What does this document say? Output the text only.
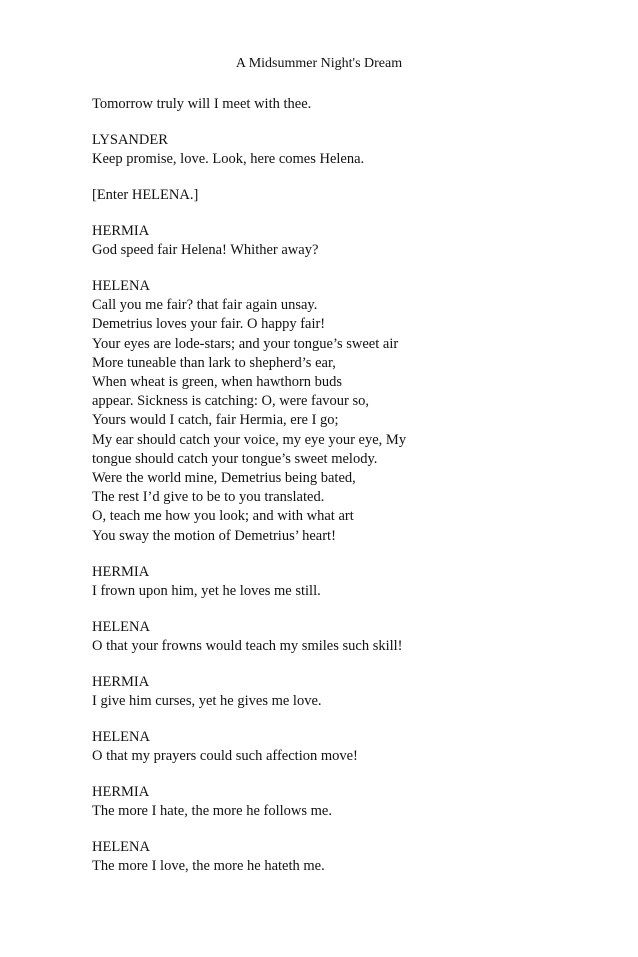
A Midsummer Night's Dream
Tomorrow truly will I meet with thee.
LYSANDER
Keep promise, love. Look, here comes Helena.
[Enter HELENA.]
HERMIA
God speed fair Helena! Whither away?
HELENA
Call you me fair? that fair again unsay.
Demetrius loves your fair. O happy fair!
Your eyes are lode-stars; and your tongue’s sweet air
More tuneable than lark to shepherd’s ear,
When wheat is green, when hawthorn buds
appear. Sickness is catching: O, were favour so,
Yours would I catch, fair Hermia, ere I go;
My ear should catch your voice, my eye your eye, My
tongue should catch your tongue’s sweet melody.
Were the world mine, Demetrius being bated,
The rest I’d give to be to you translated.
O, teach me how you look; and with what art
You sway the motion of Demetrius’ heart!
HERMIA
I frown upon him, yet he loves me still.
HELENA
O that your frowns would teach my smiles such skill!
HERMIA
I give him curses, yet he gives me love.
HELENA
O that my prayers could such affection move!
HERMIA
The more I hate, the more he follows me.
HELENA
The more I love, the more he hateth me.
